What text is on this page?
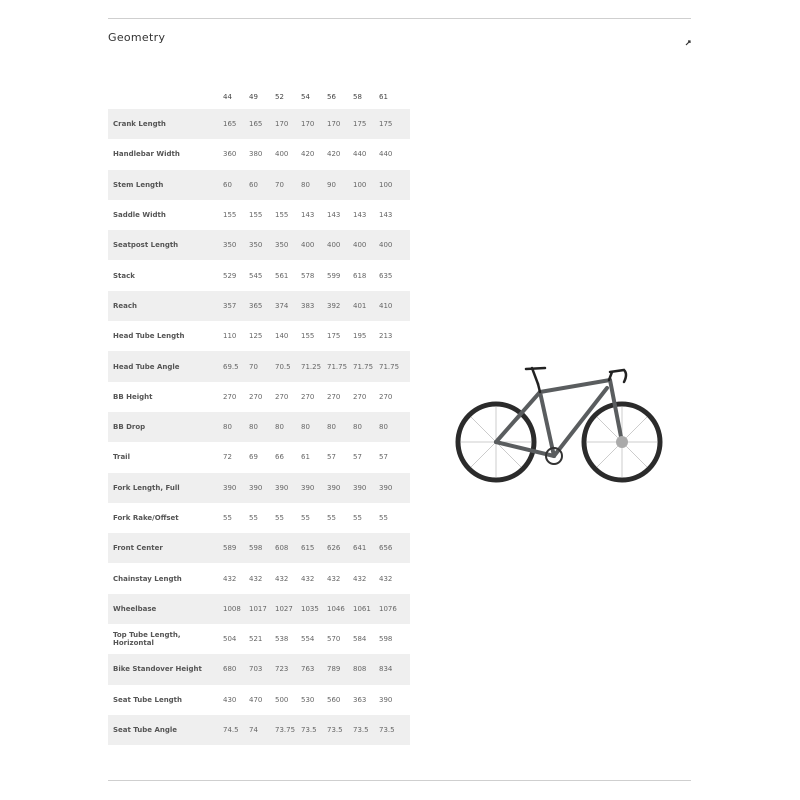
Geometry
	44	49	52	54	56	58	61	
Crank Length	165	165	170	170	170	175	175	
Handlebar Width	360	380	400	420	420	440	440	
Stem Length	60	60	70	80	90	100	100	
Saddle Width	155	155	155	143	143	143	143	
Seatpost Length	350	350	350	400	400	400	400	
Stack	529	545	561	578	599	618	635	
Reach	357	365	374	383	392	401	410	
Head Tube Length	110	125	140	155	175	195	213	
Head Tube Angle	69.5	70	70.5	71.25	71.75	71.75	71.75	
BB Height	270	270	270	270	270	270	270	
BB Drop	80	80	80	80	80	80	80	
Trail	72	69	66	61	57	57	57	
Fork Length, Full	390	390	390	390	390	390	390	
Fork Rake/Offset	55	55	55	55	55	55	55	
Front Center	589	598	608	615	626	641	656	
Chainstay Length	432	432	432	432	432	432	432	
Wheelbase	1008	1017	1027	1035	1046	1061	1076	
Top Tube Length, Horizontal	504	521	538	554	570	584	598	
Bike Standover Height	680	703	723	763	789	808	834	
Seat Tube Length	430	470	500	530	560	363	390	
Seat Tube Angle	74.5	74	73.75	73.5	73.5	73.5	73.5	
